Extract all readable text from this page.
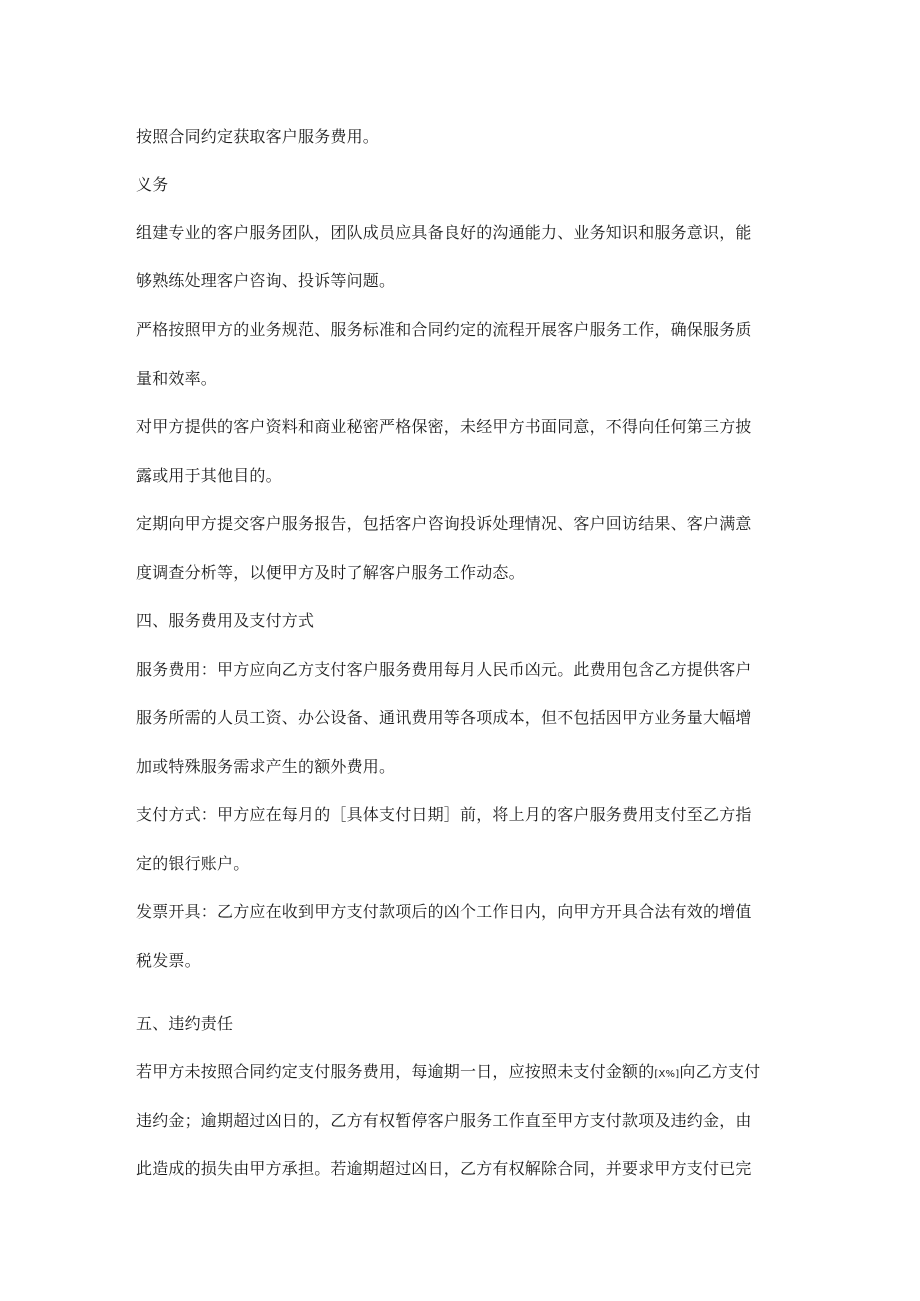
按照合同约定获取客户服务费用。
义务
组建专业的客户服务团队，团队成员应具备良好的沟通能力、业务知识和服务意识，能
够熟练处理客户咨询、投诉等问题。
严格按照甲方的业务规范、服务标准和合同约定的流程开展客户服务工作，确保服务质
量和效率。
对甲方提供的客户资料和商业秘密严格保密，未经甲方书面同意，不得向任何第三方披
露或用于其他目的。
定期向甲方提交客户服务报告，包括客户咨询投诉处理情况、客户回访结果、客户满意
度调查分析等，以便甲方及时了解客户服务工作动态。
四、服务费用及支付方式
服务费用：甲方应向乙方支付客户服务费用每月人民币凶元。此费用包含乙方提供客户
服务所需的人员工资、办公设备、通讯费用等各项成本，但不包括因甲方业务量大幅增
加或特殊服务需求产生的额外费用。
支付方式：甲方应在每月的［具体支付日期］前，将上月的客户服务费用支付至乙方指
定的银行账户。
发票开具：乙方应在收到甲方支付款项后的凶个工作日内，向甲方开具合法有效的增值
税发票。
五、违约责任
若甲方未按照合同约定支付服务费用，每逾期一日，应按照未支付金额的[X%]向乙方支付
违约金；逾期超过凶日的，乙方有权暂停客户服务工作直至甲方支付款项及违约金，由
此造成的损失由甲方承担。若逾期超过凶日，乙方有权解除合同，并要求甲方支付已完
